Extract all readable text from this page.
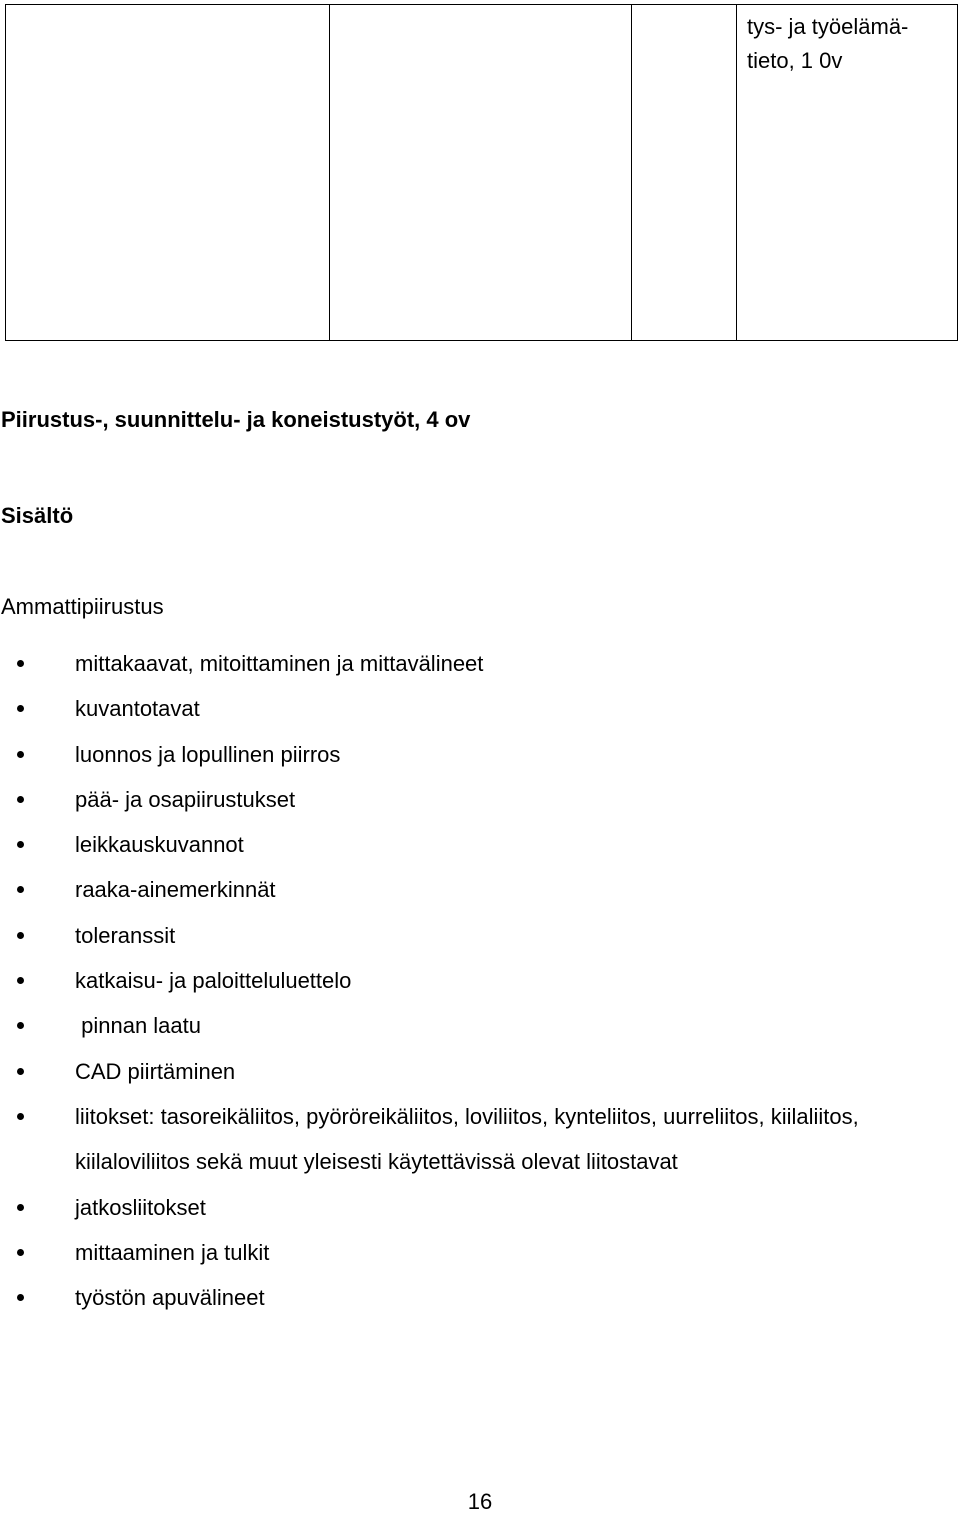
tys- ja työelämä-
tieto, 1 0v
Piirustus-, suunnittelu- ja koneistustyöt, 4 ov
Sisältö

Ammattipiirustus

mittakaavat, mitoittaminen ja mittavälineet
kuvantotavat
luonnos ja lopullinen piirros
pää- ja osapiirustukset
leikkauskuvannot
raaka-ainemerkinnät
toleranssit
katkaisu- ja paloitteluluettelo
pinnan laatu
CAD piirtäminen
liitokset: tasoreikäliitos, pyöröreikäliitos, loviliitos, kynteliitos, uurreliitos, kiilaliitos, kiilaloviliitos sekä muut yleisesti käytettävissä olevat liitostavat
jatkosliitokset
mittaaminen ja tulkit
työstön apuvälineet
16
